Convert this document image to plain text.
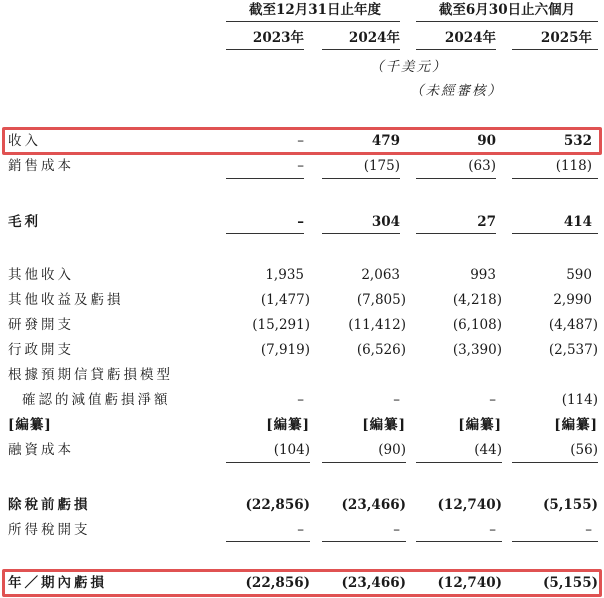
截至12月31日止年度	截至6月30日止六個月
2023年	2024年	2024年	2025年
（千美元）
（未經審核）
收入	–	479	90	532
銷售成本	–	(175)	(63)	(118)
毛利	–	304	27	414
其他收入	1,935	2,063	993	590
其他收益及虧損	(1,477)	(7,805)	(4,218)	2,990
研發開支	(15,291)	(11,412)	(6,108)	(4,487)
行政開支	(7,919)	(6,526)	(3,390)	(2,537)
根據預期信貸虧損模型
確認的減值虧損淨額	–	–	–	(114)
[編纂]	[編纂]	[編纂]	[編纂]	[編纂]
融資成本	(104)	(90)	(44)	(56)
除稅前虧損	(22,856)	(23,466)	(12,740)	(5,155)
所得稅開支	–	–	–	–
年／期內虧損	(22,856)	(23,466)	(12,740)	(5,155)
